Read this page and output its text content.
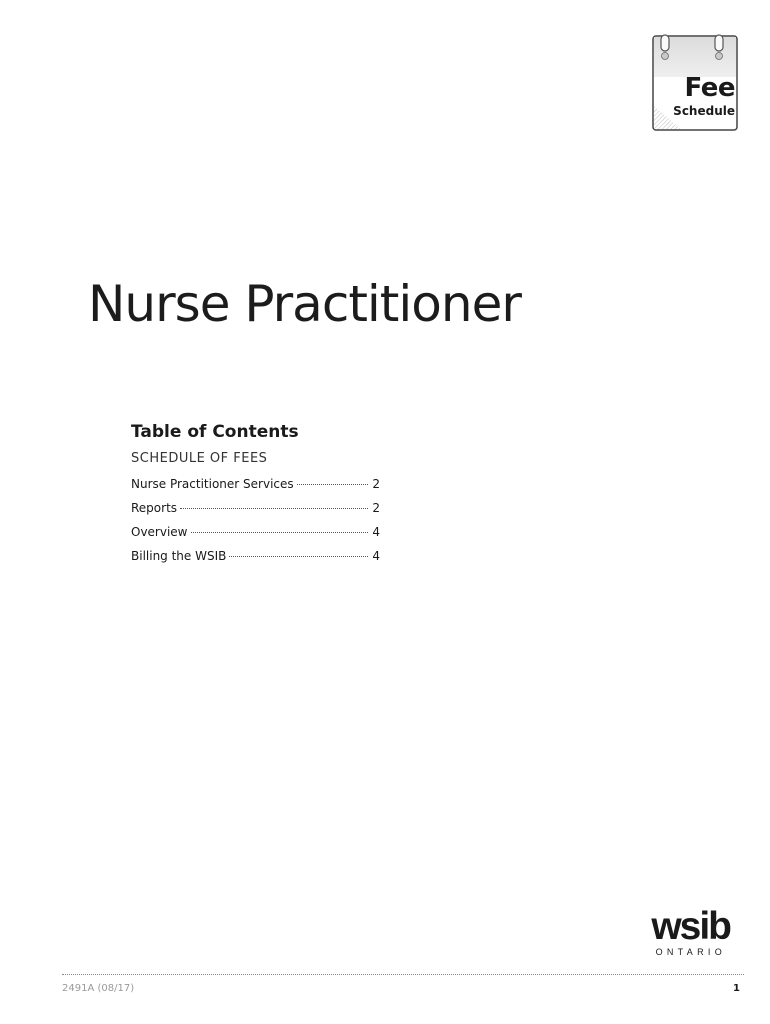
Fee
Schedule
Nurse Practitioner
Table of Contents
SCHEDULE OF FEES
Nurse Practitioner Services	2
Reports	2
Overview	4
Billing the WSIB	4
wsib
ONTARIO
2491A (08/17)	1
